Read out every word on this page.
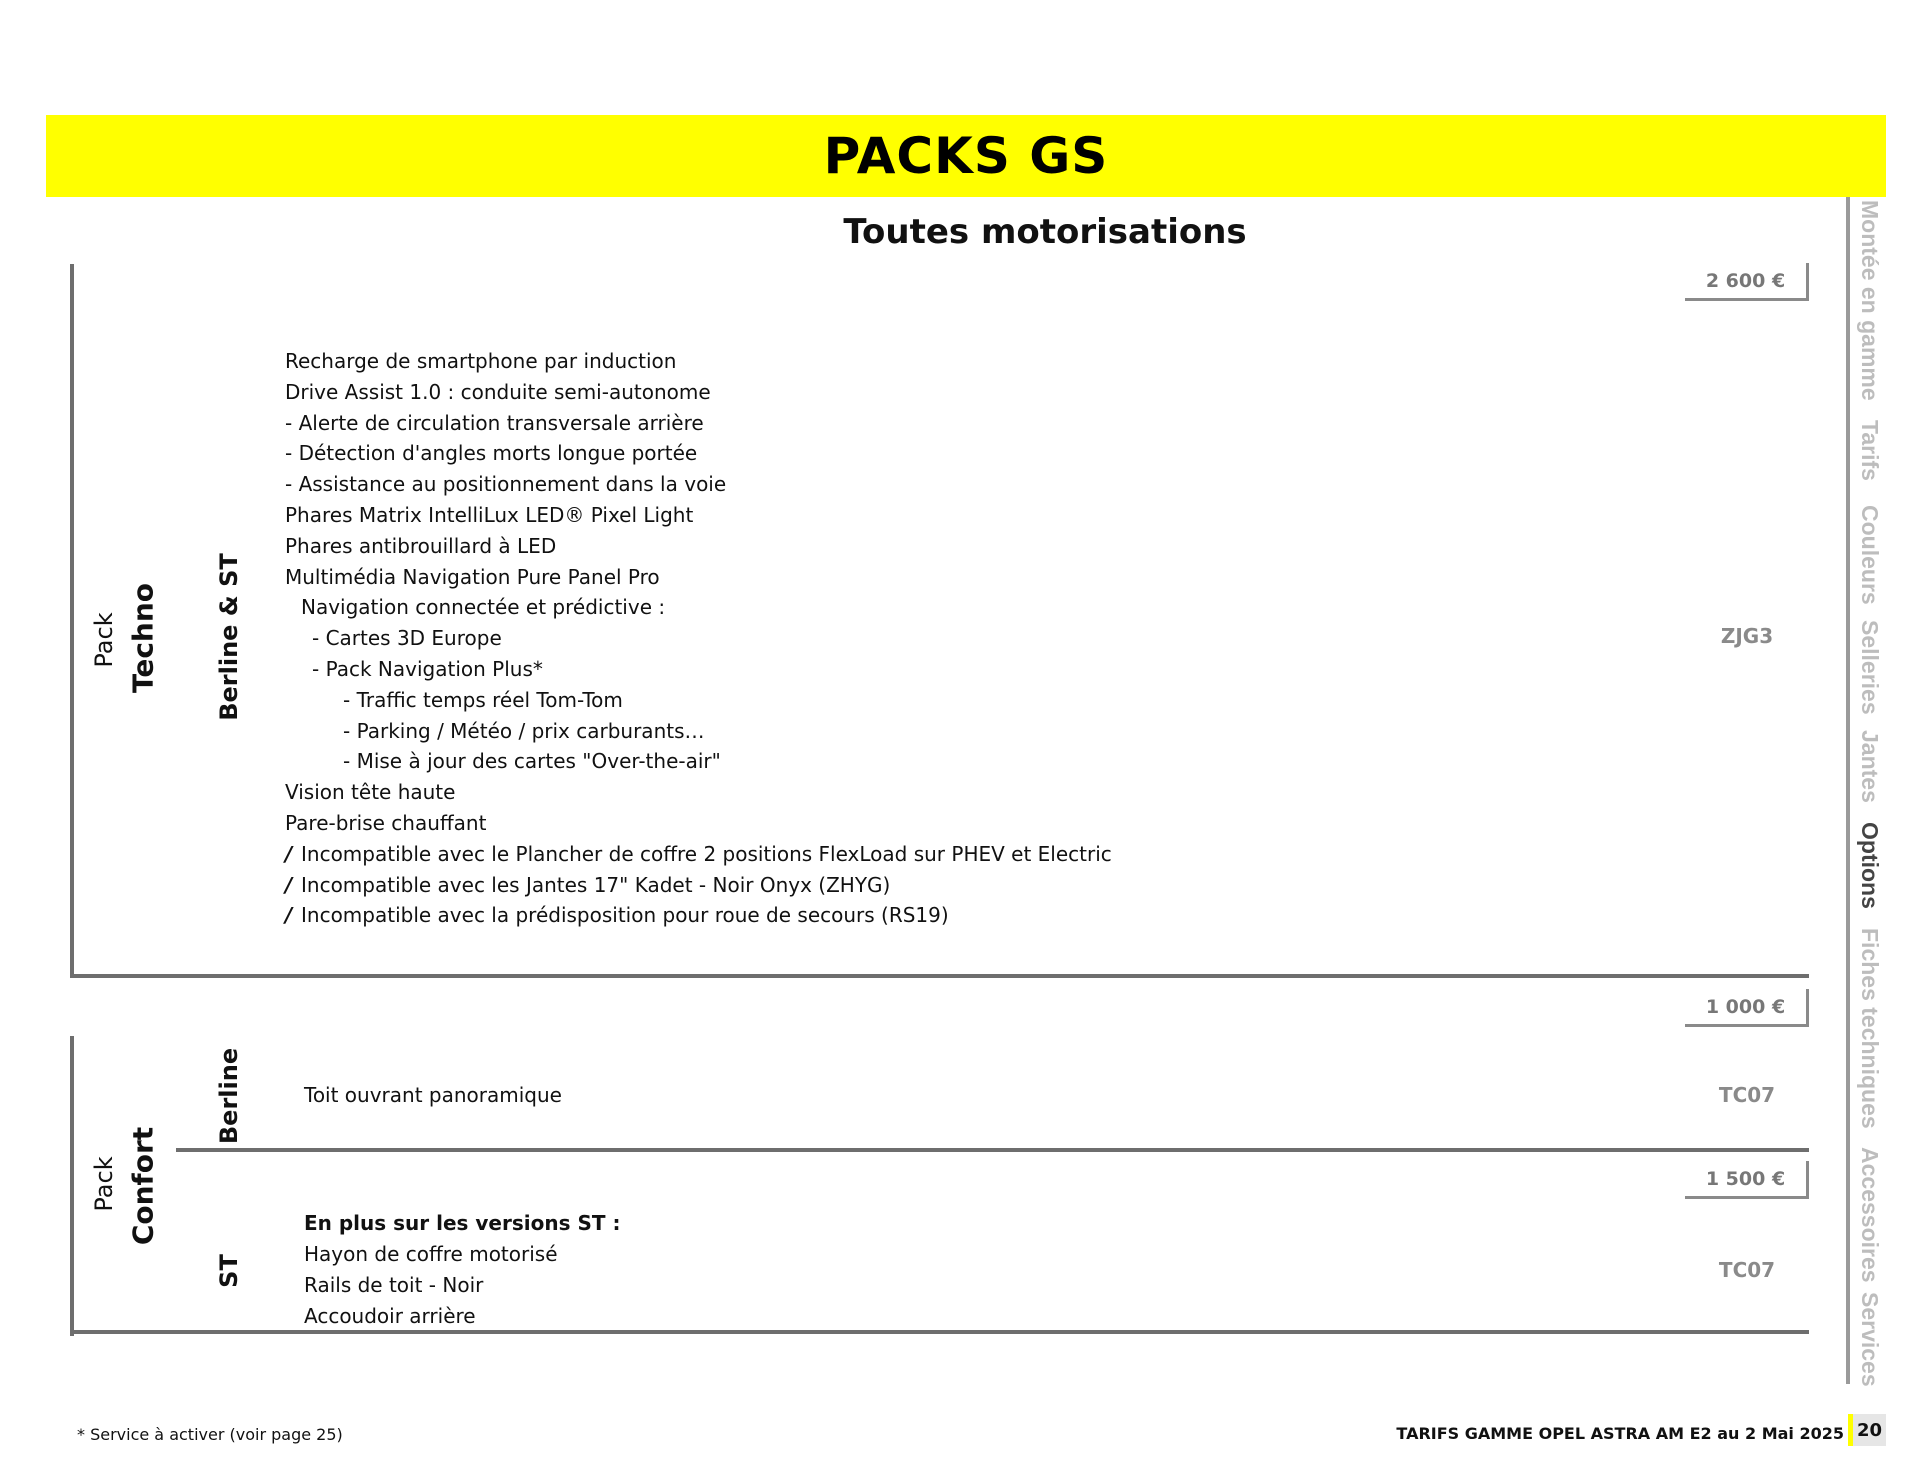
PACKS GS
Toutes motorisations	Montée en gamme
Tarifs
Couleurs
Selleries
Jantes
Options
Fiches techniques
Accessoires
Services
Pack Techno Berline & ST
2 600 €
ZJG3
Recharge de smartphone par induction
Drive Assist 1.0 : conduite semi-autonome
- Alerte de circulation transversale arrière
- Détection d'angles morts longue portée
- Assistance au positionnement dans la voie
Phares Matrix IntelliLux LED® Pixel Light
Phares antibrouillard à LED
Multimédia Navigation Pure Panel Pro
Navigation connectée et prédictive :
- Cartes 3D Europe
- Pack Navigation Plus*
- Traffic temps réel Tom-Tom
- Parking / Météo / prix carburants…
- Mise à jour des cartes "Over-the-air"
Vision tête haute
Pare-brise chauffant
/ Incompatible avec le Plancher de coffre 2 positions FlexLoad sur PHEV et Electric
/ Incompatible avec les Jantes 17" Kadet - Noir Onyx (ZHYG)
/ Incompatible avec la prédisposition pour roue de secours (RS19)
Pack Confort
Berline
1 000 €
TC07
Toit ouvrant panoramique
ST
1 500 €
TC07
En plus sur les versions ST :
Hayon de coffre motorisé
Rails de toit - Noir
Accoudoir arrière
* Service à activer (voir page 25)	TARIFS GAMME OPEL ASTRA AM E2 au 2 Mai 2025 20
